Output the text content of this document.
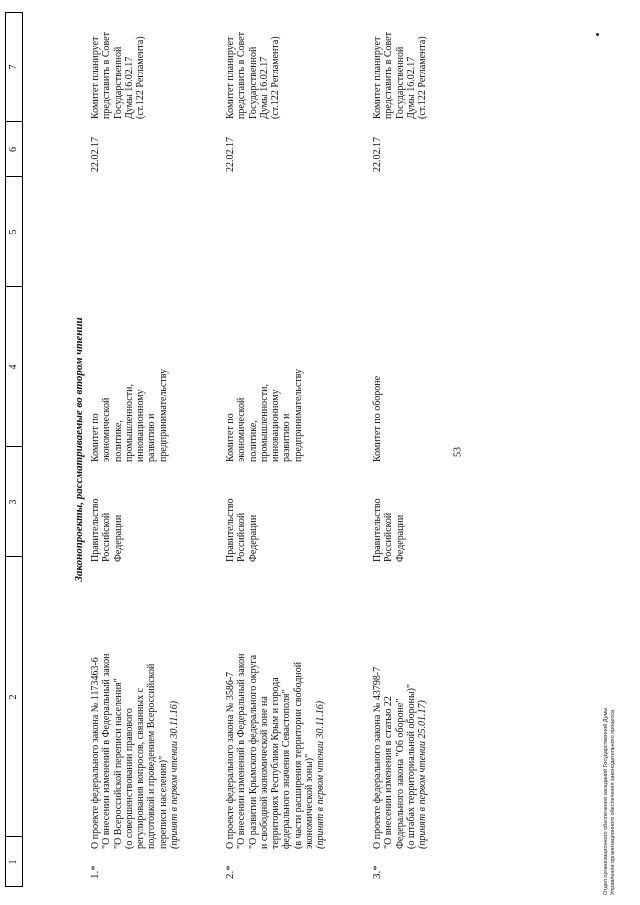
53
1
2
3
4
5
6
7
Законопроекты, рассматриваемые во втором чтении
1.*
О проекте федерального закона № 1173463-6 "О внесении изменений в Федеральный закон "О Всероссийской переписи населения" (о совершенствовании правового регулирования вопросов, связанных с подготовкой и проведением Всероссийской переписи населения)" (принят в первом чтении 30.11.16)
Правительство Российской Федерации
Комитет по экономической политике, промышленности, инновационному развитию и предпринимательству
22.02.17
Комитет планирует представить в Совет Государственной Думы 16.02.17 (ст.122 Регламента)
2.*
О проекте федерального закона № 3586-7 "О внесении изменений в Федеральный закон "О развитии Крымского федерального округа и свободной экономической зоне на территориях Республики Крым и города федерального значения Севастополя" (в части расширения территории свободной экономической зоны)" (принят в первом чтении 30.11.16)
Правительство Российской Федерации
Комитет по экономической политике, промышленности, инновационному развитию и предпринимательству
22.02.17
Комитет планирует представить в Совет Государственной Думы 16.02.17 (ст.122 Регламента)
3.*
О проекте федерального закона № 43798-7 "О внесении изменения в статью 22 Федерального закона "Об обороне" (о штабах территориальной обороны)" (принят в первом чтении 25.01.17)
Правительство Российской Федерации
Комитет по обороне
22.02.17
Комитет планирует представить в Совет Государственной Думы 16.02.17 (ст.122 Регламента)
Отдел организационного обеспечения заседаний Государственной Думы Управления организационного обеспечения законодательного процесса
